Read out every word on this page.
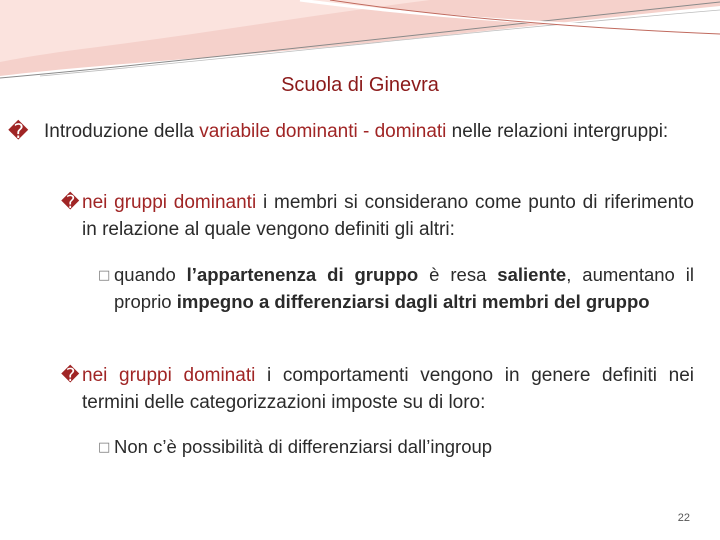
Scuola di Ginevra
� Introduzione della variabile dominanti - dominati nelle relazioni intergruppi:
� nei gruppi dominanti i membri si considerano come punto di riferimento in relazione al quale vengono definiti gli altri:
□ quando l’appartenenza di gruppo è resa saliente, aumentano il proprio impegno a differenziarsi dagli altri membri del gruppo
� nei gruppi dominati i comportamenti vengono in genere definiti nei termini delle categorizzazioni imposte su di loro:
□ Non c’è possibilità di differenziarsi dall’ingroup
22
